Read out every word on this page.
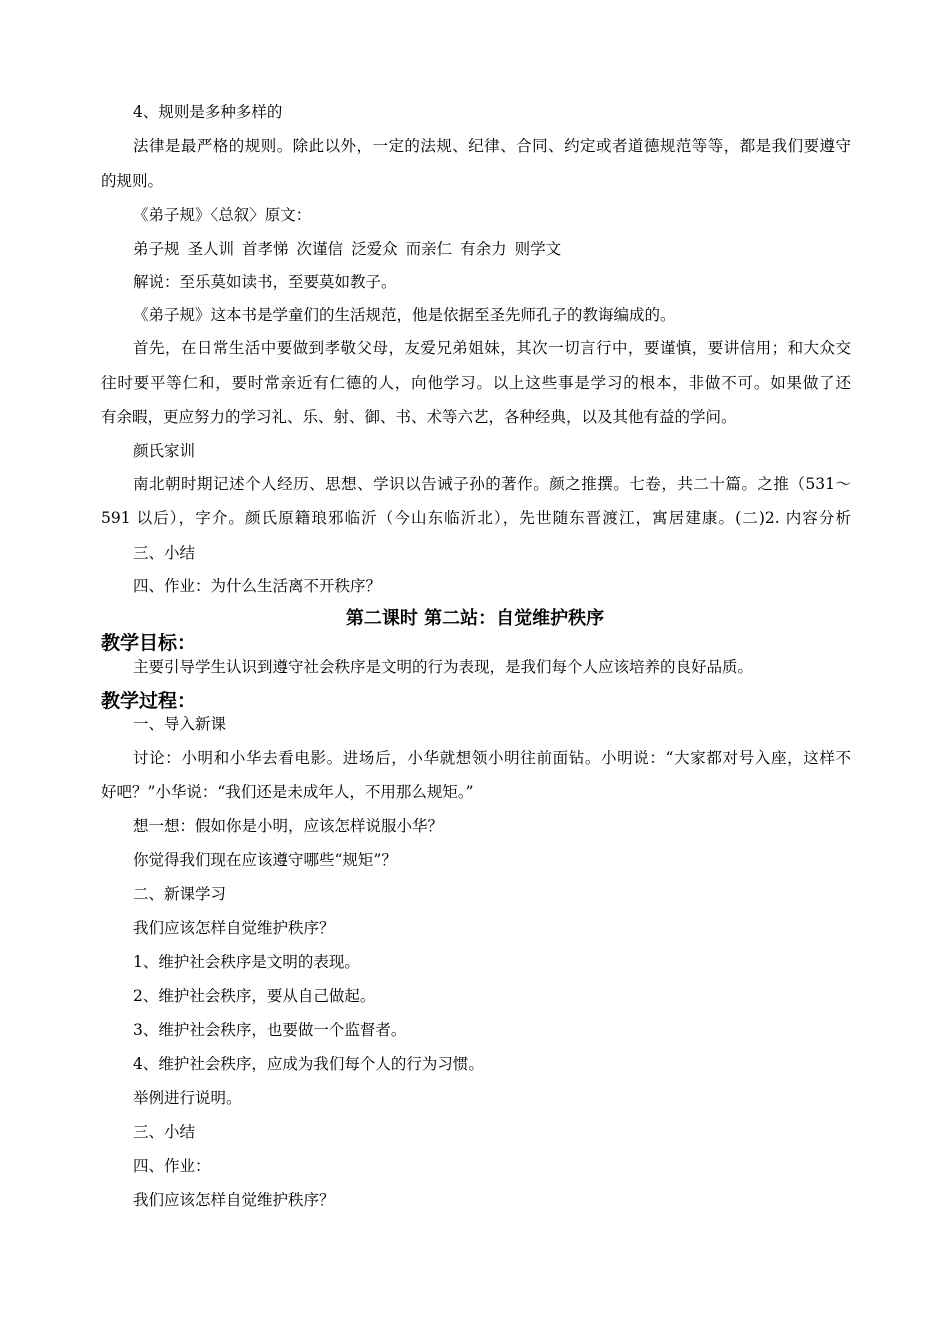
4、规则是多种多样的
法律是最严格的规则。除此以外，一定的法规、纪律、合同、约定或者道德规范等等，都是我们要遵守
的规则。
《弟子规》〈总叙〉原文：
弟子规 圣人训 首孝悌 次谨信 泛爱众 而亲仁 有余力 则学文
解说：至乐莫如读书，至要莫如教子。
《弟子规》这本书是学童们的生活规范，他是依据至圣先师孔子的教诲编成的。
首先，在日常生活中要做到孝敬父母，友爱兄弟姐妹，其次一切言行中，要谨慎，要讲信用；和大众交
往时要平等仁和，要时常亲近有仁德的人，向他学习。以上这些事是学习的根本，非做不可。如果做了还
有余暇，更应努力的学习礼、乐、射、御、书、术等六艺，各种经典，以及其他有益的学问。
颜氏家训
南北朝时期记述个人经历、思想、学识以告诫子孙的著作。颜之推撰。七卷，共二十篇。之推（531～
591 以后），字介。颜氏原籍琅邪临沂（今山东临沂北），先世随东晋渡江，寓居建康。(二)2. 内容分析
三、小结
四、作业：为什么生活离不开秩序？
第二课时 第二站：自觉维护秩序
教学目标：
主要引导学生认识到遵守社会秩序是文明的行为表现，是我们每个人应该培养的良好品质。
教学过程：
一、导入新课
讨论：小明和小华去看电影。进场后，小华就想领小明往前面钻。小明说：“大家都对号入座，这样不
好吧？”小华说：“我们还是未成年人，不用那么规矩。”
想一想：假如你是小明，应该怎样说服小华？
你觉得我们现在应该遵守哪些“规矩”？
二、新课学习
我们应该怎样自觉维护秩序？
1、维护社会秩序是文明的表现。
2、维护社会秩序，要从自己做起。
3、维护社会秩序，也要做一个监督者。
4、维护社会秩序，应成为我们每个人的行为习惯。
举例进行说明。
三、小结
四、作业：
我们应该怎样自觉维护秩序？
